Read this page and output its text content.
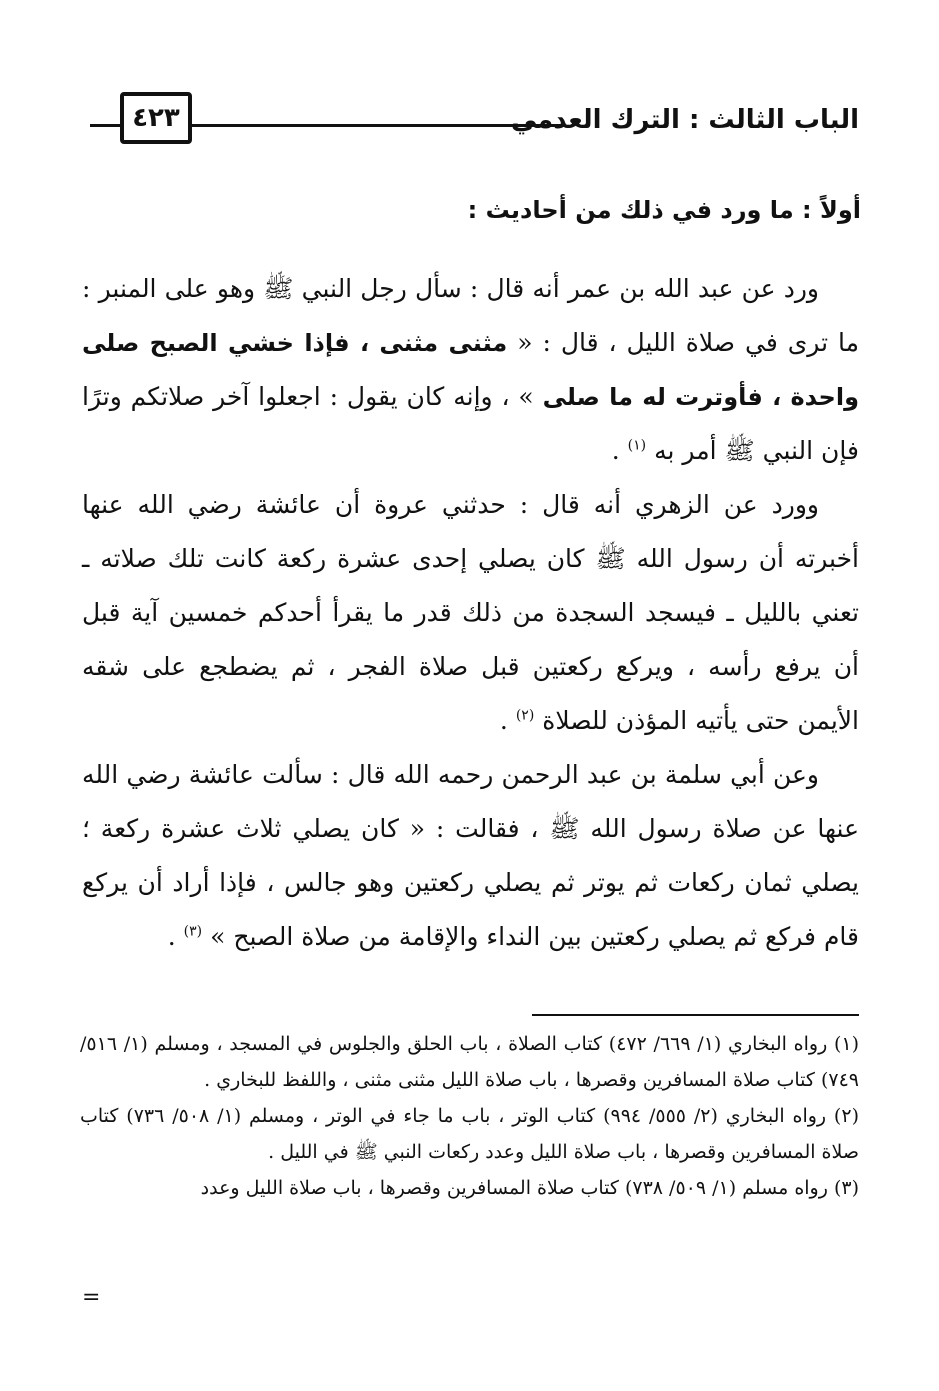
الباب الثالث : الترك العدمي
٤٢٣
أولاً : ما ورد في ذلك من أحاديث :

ورد عن عبد الله بن عمر أنه قال : سأل رجل النبي ﷺ وهو على المنبر : ما ترى في صلاة الليل ، قال : « مثنى مثنى ، فإذا خشي الصبح صلى واحدة ، فأوترت له ما صلى » ، وإنه كان يقول : اجعلوا آخر صلاتكم وترًا فإن النبي ﷺ أمر به $^{(١)}$ .

وورد عن الزهري أنه قال : حدثني عروة أن عائشة رضي الله عنها أخبرته أن رسول الله ﷺ كان يصلي إحدى عشرة ركعة كانت تلك صلاته ـ تعني بالليل ـ فيسجد السجدة من ذلك قدر ما يقرأ أحدكم خمسين آية قبل أن يرفع رأسه ، ويركع ركعتين قبل صلاة الفجر ، ثم يضطجع على شقه الأيمن حتى يأتيه المؤذن للصلاة $^{(٢)}$ .

وعن أبي سلمة بن عبد الرحمن رحمه الله قال : سألت عائشة رضي الله عنها عن صلاة رسول الله ﷺ ، فقالت : « كان يصلي ثلاث عشرة ركعة ؛ يصلي ثمان ركعات ثم يوتر ثم يصلي ركعتين وهو جالس ، فإذا أراد أن يركع قام فركع ثم يصلي ركعتين بين النداء والإقامة من صلاة الصبح » $^{(٣)}$ .

(١) رواه البخاري (١/ ٦٦٩/ ٤٧٢) كتاب الصلاة ، باب الحلق والجلوس في المسجد ، ومسلم (١/ ٥١٦/ ٧٤٩) كتاب صلاة المسافرين وقصرها ، باب صلاة الليل مثنى مثنى ، واللفظ للبخاري .

(٢) رواه البخاري (٢/ ٥٥٥/ ٩٩٤) كتاب الوتر ، باب ما جاء في الوتر ، ومسلم (١/ ٥٠٨/ ٧٣٦) كتاب صلاة المسافرين وقصرها ، باب صلاة الليل وعدد ركعات النبي ﷺ في الليل .

(٣) رواه مسلم (١/ ٥٠٩/ ٧٣٨) كتاب صلاة المسافرين وقصرها ، باب صلاة الليل وعدد

=
